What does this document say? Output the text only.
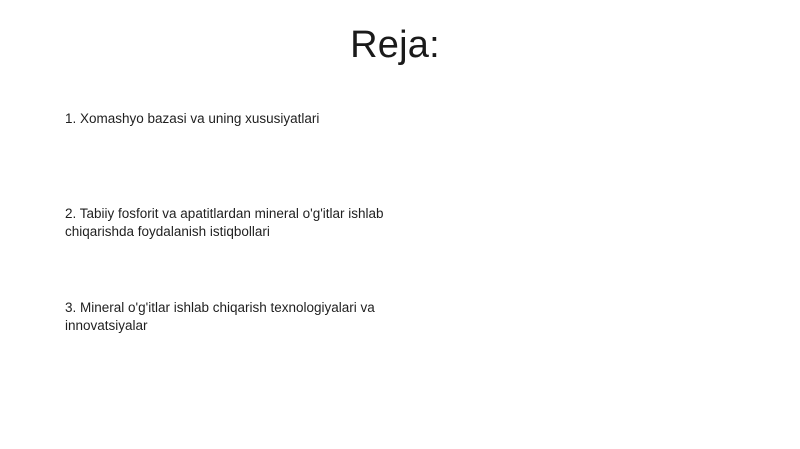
Reja:
1. Xomashyo bazasi va uning xususiyatlari
2. Tabiiy fosforit va apatitlardan mineral o'g'itlar ishlab chiqarishda foydalanish istiqbollari
3. Mineral o'g'itlar ishlab chiqarish texnologiyalari va innovatsiyalar
